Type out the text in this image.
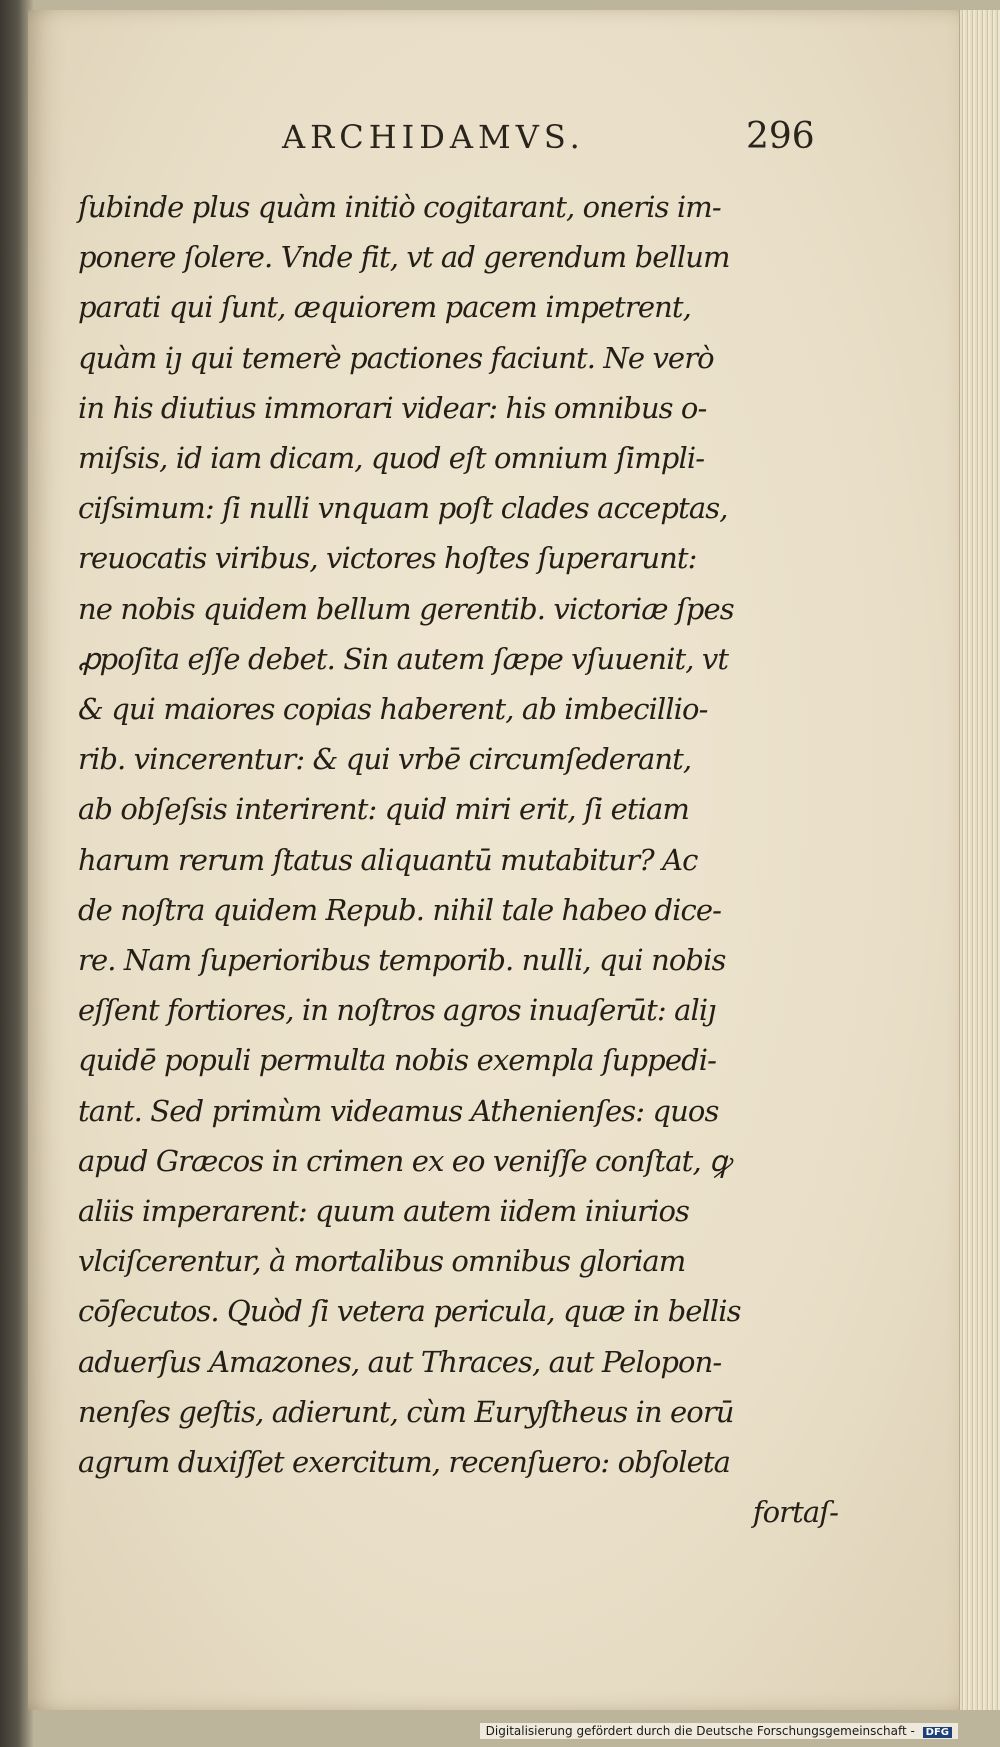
ARCHIDAMVS.	296
ſubinde plus quàm initiò cogitarant, oneris im-
ponere ſolere. Vnde fit, vt ad gerendum bellum
parati qui ſunt, æquiorem pacem impetrent,
quàm iȷ qui temerè pactiones faciunt. Ne verò
in his diutius immorari videar: his omnibus o-
miſsis, id iam dicam, quod eſt omnium ſimpli-
ciſsimum: ſi nulli vnquam poſt clades acceptas,
reuocatis viribus, victores hoſtes ſuperarunt:
ne nobis quidem bellum gerentib. victoriæ ſpes
ꝓpoſita eſſe debet. Sin autem ſæpe vſuuenit, vt
& qui maiores copias haberent, ab imbecillio-
rib. vincerentur: & qui vrbē circumſederant,
ab obſeſsis interirent: quid miri erit, ſi etiam
harum rerum ſtatus aliquantū mutabitur? Ac
de noſtra quidem Repub. nihil tale habeo dice-
re. Nam ſuperioribus temporib. nulli, qui nobis
eſſent fortiores, in noſtros agros inuaſerūt: aliȷ
quidē populi permulta nobis exempla ſuppedi-
tant. Sed primùm videamus Athenienſes: quos
apud Græcos in crimen ex eo veniſſe conſtat, ꝙ
aliis imperarent: quum autem iidem iniurios
vlciſcerentur, à mortalibus omnibus gloriam
cōſecutos. Quòd ſi vetera pericula, quæ in bellis
aduerſus Amazones, aut Thraces, aut Pelopon-
nenſes geſtis, adierunt, cùm Euryſtheus in eorū
agrum duxiſſet exercitum, recenſuero: obſoleta
fortaſ-
Digitalisierung gefördert durch die Deutsche Forschungsgemeinschaft - DFG
